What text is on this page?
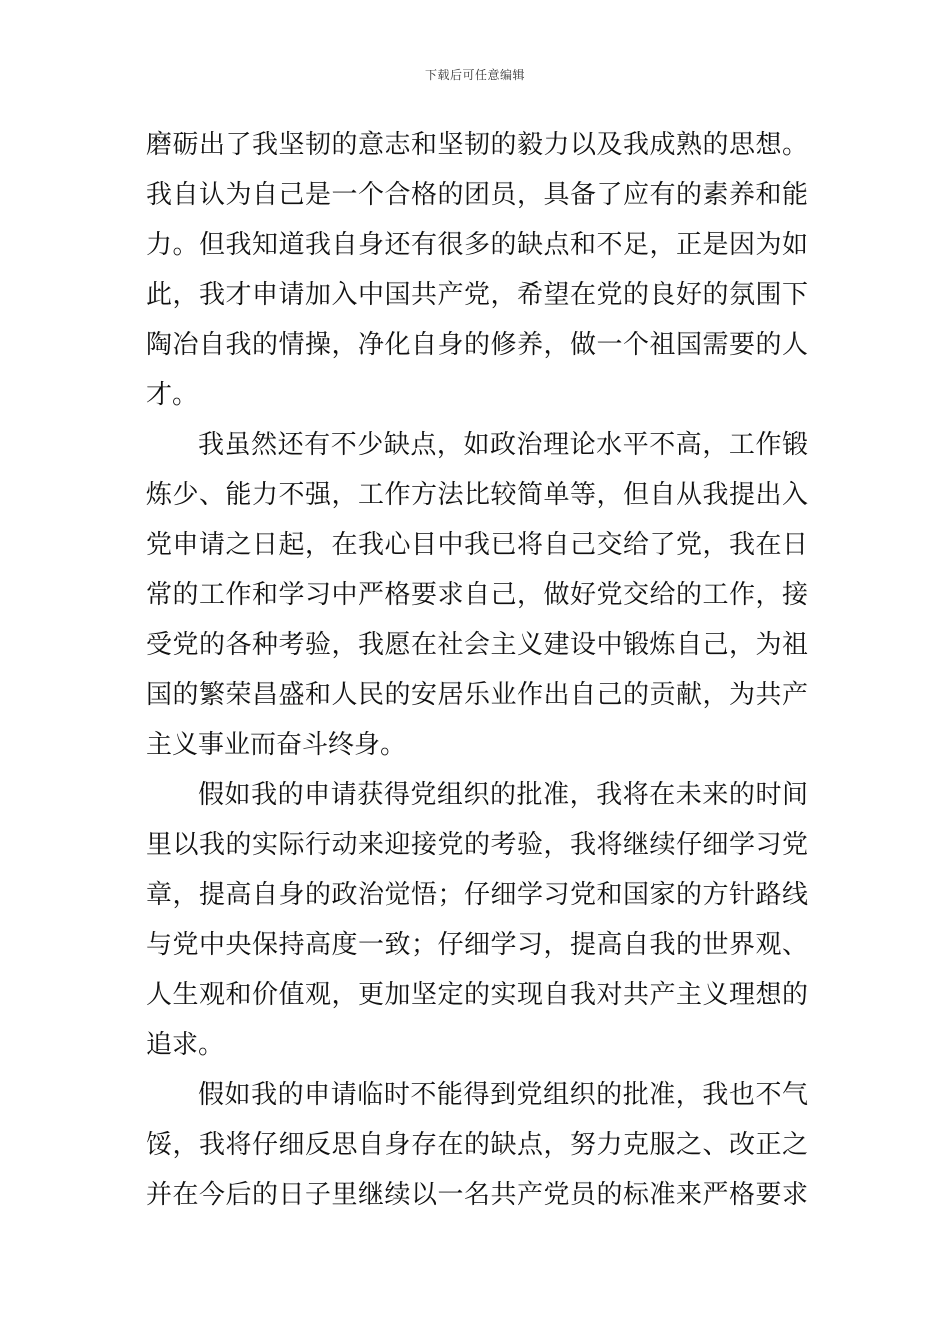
下载后可任意编辑
磨砺出了我坚韧的意志和坚韧的毅力以及我成熟的思想。
我自认为自己是一个合格的团员，具备了应有的素养和能
力。但我知道我自身还有很多的缺点和不足，正是因为如
此，我才申请加入中国共产党，希望在党的良好的氛围下
陶冶自我的情操，净化自身的修养，做一个祖国需要的人
才。
我虽然还有不少缺点，如政治理论水平不高，工作锻
炼少、能力不强，工作方法比较简单等，但自从我提出入
党申请之日起，在我心目中我已将自己交给了党，我在日
常的工作和学习中严格要求自己，做好党交给的工作，接
受党的各种考验，我愿在社会主义建设中锻炼自己，为祖
国的繁荣昌盛和人民的安居乐业作出自己的贡献，为共产
主义事业而奋斗终身。
假如我的申请获得党组织的批准，我将在未来的时间
里以我的实际行动来迎接党的考验，我将继续仔细学习党
章，提高自身的政治觉悟；仔细学习党和国家的方针路线
与党中央保持高度一致；仔细学习，提高自我的世界观、
人生观和价值观，更加坚定的实现自我对共产主义理想的
追求。
假如我的申请临时不能得到党组织的批准，我也不气
馁，我将仔细反思自身存在的缺点，努力克服之、改正之
并在今后的日子里继续以一名共产党员的标准来严格要求
